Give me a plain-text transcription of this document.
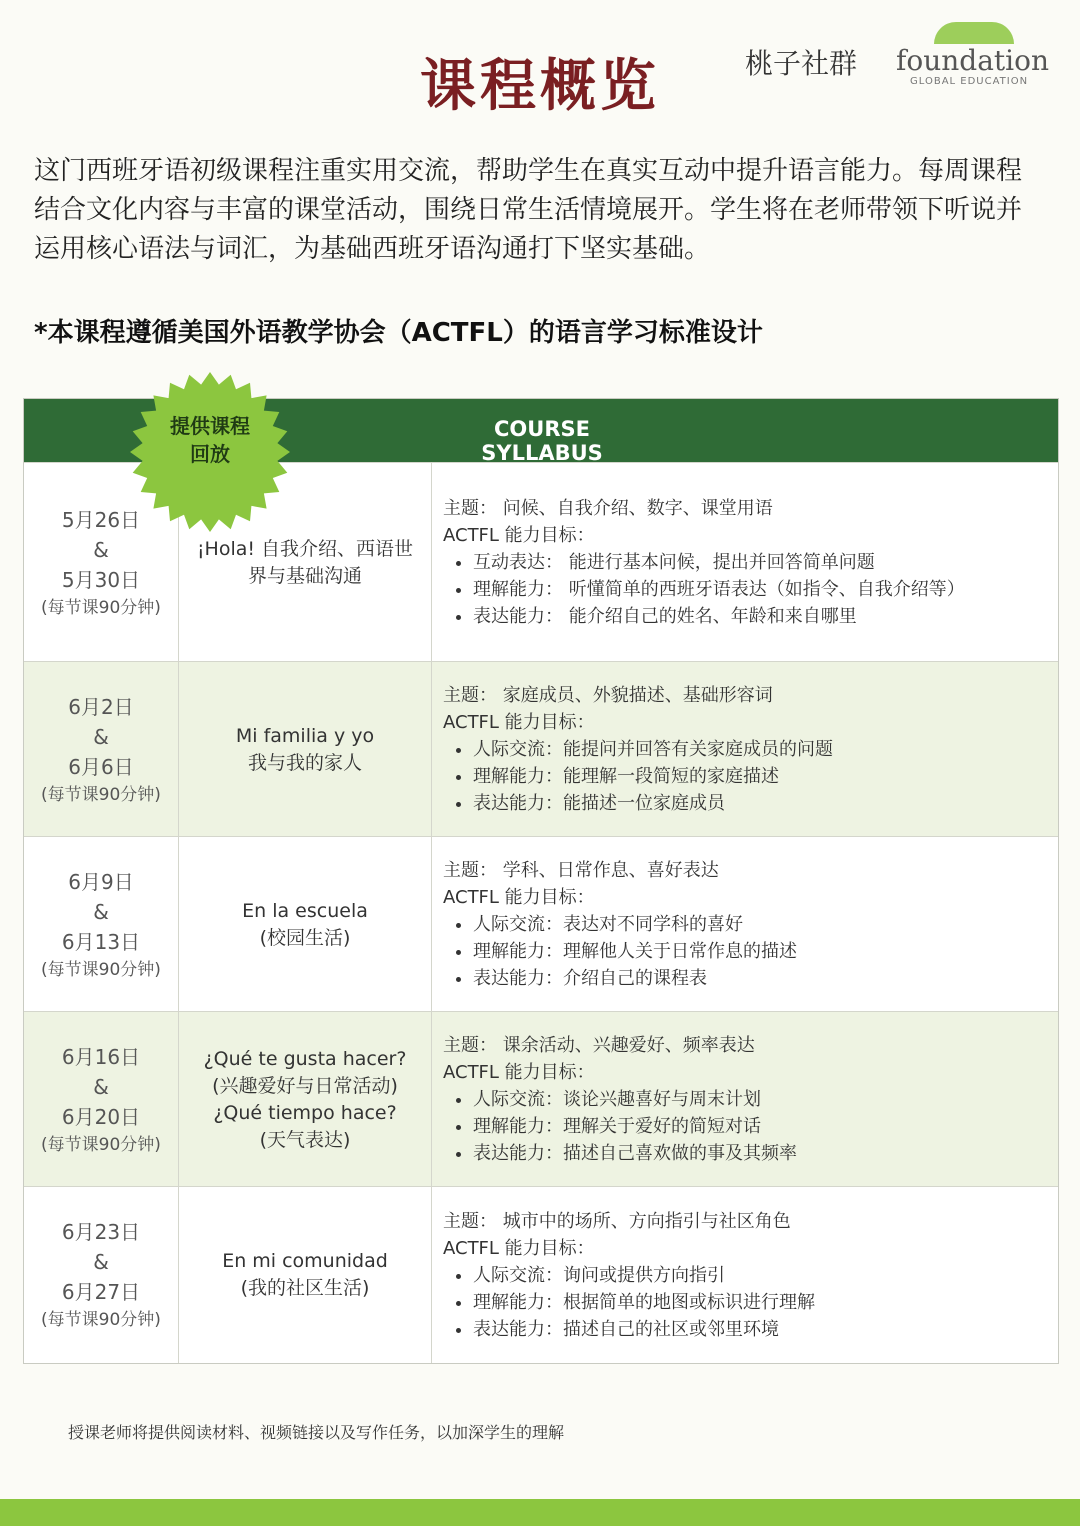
课程概览	桃子社群 foundation
GLOBAL EDUCATION
这门西班牙语初级课程注重实用交流，帮助学生在真实互动中提升语言能力。每周课程结合文化内容与丰富的课堂活动，围绕日常生活情境展开。学生将在老师带领下听说并运用核心语法与词汇，为基础西班牙语沟通打下坚实基础。
*本课程遵循美国外语教学协会（ACTFL）的语言学习标准设计
提供课程
回放
COURSE SYLLABUS
5月26日
&
5月30日
(每节课90分钟)
¡Hola! 自我介绍、西语世
界与基础沟通
主题： 问候、自我介绍、数字、课堂用语
ACTFL 能力目标：
• 互动表达： 能进行基本问候，提出并回答简单问题
• 理解能力： 听懂简单的西班牙语表达（如指令、自我介绍等）
• 表达能力： 能介绍自己的姓名、年龄和来自哪里
6月2日
&
6月6日
(每节课90分钟)
Mi familia y yo
我与我的家人
主题： 家庭成员、外貌描述、基础形容词
ACTFL 能力目标：
• 人际交流：能提问并回答有关家庭成员的问题
• 理解能力：能理解一段简短的家庭描述
• 表达能力：能描述一位家庭成员
6月9日
&
6月13日
(每节课90分钟)
En la escuela
(校园生活)
主题： 学科、日常作息、喜好表达
ACTFL 能力目标：
• 人际交流：表达对不同学科的喜好
• 理解能力：理解他人关于日常作息的描述
• 表达能力：介绍自己的课程表
6月16日
&
6月20日
(每节课90分钟)
¿Qué te gusta hacer?
(兴趣爱好与日常活动)
¿Qué tiempo hace?
(天气表达)
主题： 课余活动、兴趣爱好、频率表达
ACTFL 能力目标：
• 人际交流：谈论兴趣喜好与周末计划
• 理解能力：理解关于爱好的简短对话
• 表达能力：描述自己喜欢做的事及其频率
6月23日
&
6月27日
(每节课90分钟)
En mi comunidad
(我的社区生活)
主题： 城市中的场所、方向指引与社区角色
ACTFL 能力目标：
• 人际交流：询问或提供方向指引
• 理解能力：根据简单的地图或标识进行理解
• 表达能力：描述自己的社区或邻里环境
授课老师将提供阅读材料、视频链接以及写作任务，以加深学生的理解
